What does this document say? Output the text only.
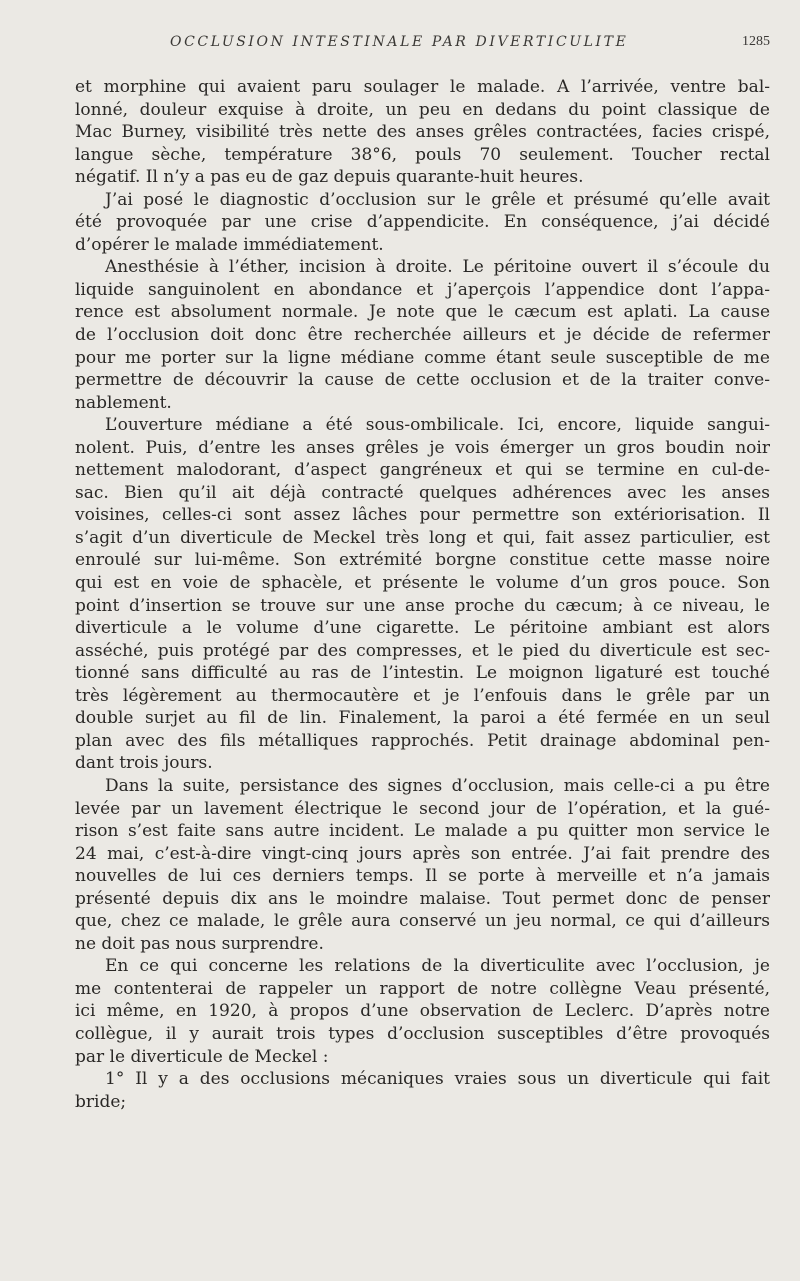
OCCLUSION INTESTINALE PAR DIVERTICULITE	1285
et morphine qui avaient paru soulager le malade. A l’arrivée, ventre bal-
lonné, douleur exquise à droite, un peu en dedans du point classique de
Mac Burney, visibilité très nette des anses grêles contractées, facies crispé,
langue sèche, température 38°6, pouls 70 seulement. Toucher rectal
négatif. Il n’y a pas eu de gaz depuis quarante-huit heures.
J’ai posé le diagnostic d’occlusion sur le grêle et présumé qu’elle avait
été provoquée par une crise d’appendicite. En conséquence, j’ai décidé
d’opérer le malade immédiatement.
Anesthésie à l’éther, incision à droite. Le péritoine ouvert il s’écoule du
liquide sanguinolent en abondance et j’aperçois l’appendice dont l’appa-
rence est absolument normale. Je note que le cæcum est aplati. La cause
de l’occlusion doit donc être recherchée ailleurs et je décide de refermer
pour me porter sur la ligne médiane comme étant seule susceptible de me
permettre de découvrir la cause de cette occlusion et de la traiter conve-
nablement.
L’ouverture médiane a été sous-ombilicale. Ici, encore, liquide sangui-
nolent. Puis, d’entre les anses grêles je vois émerger un gros boudin noir
nettement malodorant, d’aspect gangréneux et qui se termine en cul-de-
sac. Bien qu’il ait déjà contracté quelques adhérences avec les anses
voisines, celles-ci sont assez lâches pour permettre son extériorisation. Il
s’agit d’un diverticule de Meckel très long et qui, fait assez particulier, est
enroulé sur lui-même. Son extrémité borgne constitue cette masse noire
qui est en voie de sphacèle, et présente le volume d’un gros pouce. Son
point d’insertion se trouve sur une anse proche du cæcum; à ce niveau, le
diverticule a le volume d’une cigarette. Le péritoine ambiant est alors
asséché, puis protégé par des compresses, et le pied du diverticule est sec-
tionné sans difficulté au ras de l’intestin. Le moignon ligaturé est touché
très légèrement au thermocautère et je l’enfouis dans le grêle par un
double surjet au fil de lin. Finalement, la paroi a été fermée en un seul
plan avec des fils métalliques rapprochés. Petit drainage abdominal pen-
dant trois jours.
Dans la suite, persistance des signes d’occlusion, mais celle-ci a pu être
levée par un lavement électrique le second jour de l’opération, et la gué-
rison s’est faite sans autre incident. Le malade a pu quitter mon service le
24 mai, c’est-à-dire vingt-cinq jours après son entrée. J’ai fait prendre des
nouvelles de lui ces derniers temps. Il se porte à merveille et n’a jamais
présenté depuis dix ans le moindre malaise. Tout permet donc de penser
que, chez ce malade, le grêle aura conservé un jeu normal, ce qui d’ailleurs
ne doit pas nous surprendre.
En ce qui concerne les relations de la diverticulite avec l’occlusion, je
me contenterai de rappeler un rapport de notre collègne Veau présenté,
ici même, en 1920, à propos d’une observation de Leclerc. D’après notre
collègue, il y aurait trois types d’occlusion susceptibles d’être provoqués
par le diverticule de Meckel :
1° Il y a des occlusions mécaniques vraies sous un diverticule qui fait
bride;
